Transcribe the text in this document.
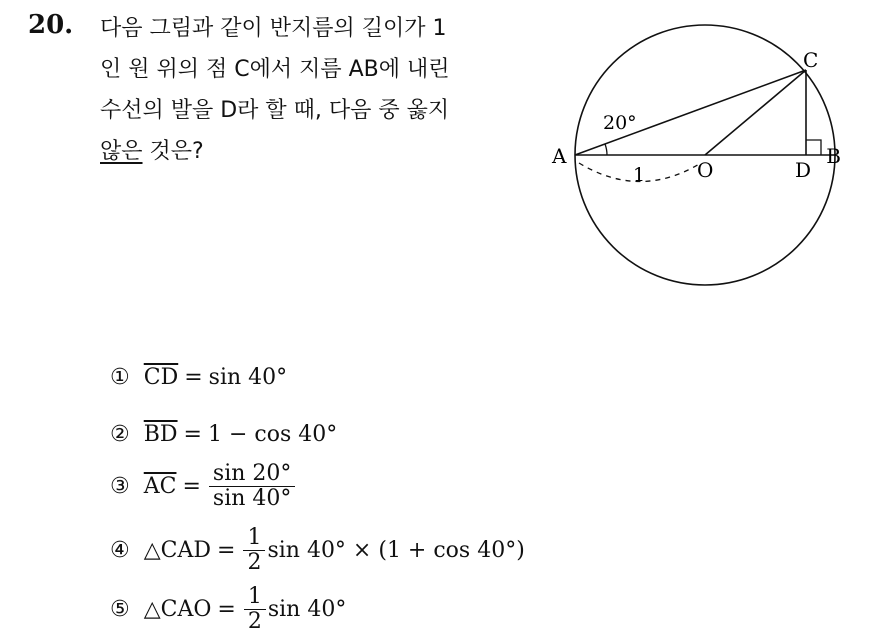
20. 다음 그림과 같이 반지름의 길이가 1
인 원 위의 점 C에서 지름 AB에 내린
수선의 발을 D라 할 때, 다음 중 옳지
않은 것은?	A	B
C
D
O
20°
1
① $\overline{CD} = \sin 40^\circ$
② $\overline{BD} = 1 - \cos 40^\circ$
③ $\overline{AC} = \frac{\sin 20^\circ}{\sin 40^\circ}$
④ △CAD = $\frac{1}{2}$ sin 40° × (1 + cos 40°)
⑤ △CAO = $\frac{1}{2}$ sin 40°
